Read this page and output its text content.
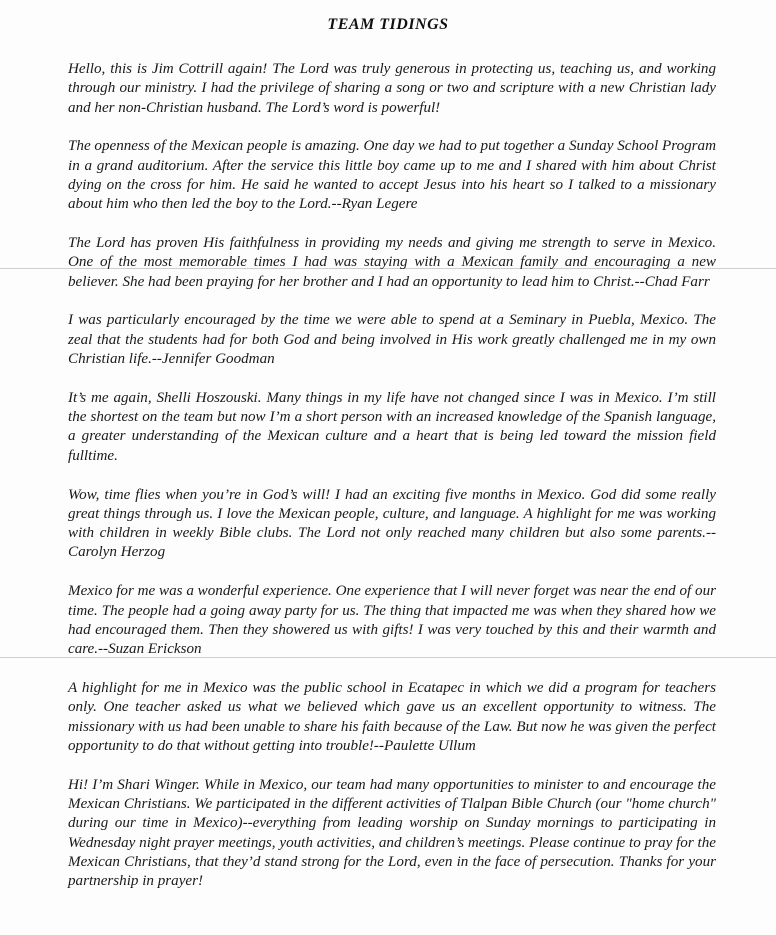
TEAM TIDINGS

Hello, this is Jim Cottrill again! The Lord was truly generous in protecting us, teaching us, and working through our ministry. I had the privilege of sharing a song or two and scripture with a new Christian lady and her non-Christian husband. The Lord’s word is powerful!

The openness of the Mexican people is amazing. One day we had to put together a Sunday School Program in a grand auditorium. After the service this little boy came up to me and I shared with him about Christ dying on the cross for him. He said he wanted to accept Jesus into his heart so I talked to a missionary about him who then led the boy to the Lord.--Ryan Legere

The Lord has proven His faithfulness in providing my needs and giving me strength to serve in Mexico. One of the most memorable times I had was staying with a Mexican family and encouraging a new believer. She had been praying for her brother and I had an opportunity to lead him to Christ.--Chad Farr

I was particularly encouraged by the time we were able to spend at a Seminary in Puebla, Mexico. The zeal that the students had for both God and being involved in His work greatly challenged me in my own Christian life.--Jennifer Goodman

It’s me again, Shelli Hoszouski. Many things in my life have not changed since I was in Mexico. I’m still the shortest on the team but now I’m a short person with an increased knowledge of the Spanish language, a greater understanding of the Mexican culture and a heart that is being led toward the mission field fulltime.

Wow, time flies when you’re in God’s will! I had an exciting five months in Mexico. God did some really great things through us. I love the Mexican people, culture, and language. A highlight for me was working with children in weekly Bible clubs. The Lord not only reached many children but also some parents.--Carolyn Herzog

Mexico for me was a wonderful experience. One experience that I will never forget was near the end of our time. The people had a going away party for us. The thing that impacted me was when they shared how we had encouraged them. Then they showered us with gifts! I was very touched by this and their warmth and care.--Suzan Erickson

A highlight for me in Mexico was the public school in Ecatapec in which we did a program for teachers only. One teacher asked us what we believed which gave us an excellent opportunity to witness. The missionary with us had been unable to share his faith because of the Law. But now he was given the perfect opportunity to do that without getting into trouble!--Paulette Ullum

Hi! I’m Shari Winger. While in Mexico, our team had many opportunities to minister to and encourage the Mexican Christians. We participated in the different activities of Tlalpan Bible Church (our "home church" during our time in Mexico)--everything from leading worship on Sunday mornings to participating in Wednesday night prayer meetings, youth activities, and children’s meetings. Please continue to pray for the Mexican Christians, that they’d stand strong for the Lord, even in the face of persecution. Thanks for your partnership in prayer!
